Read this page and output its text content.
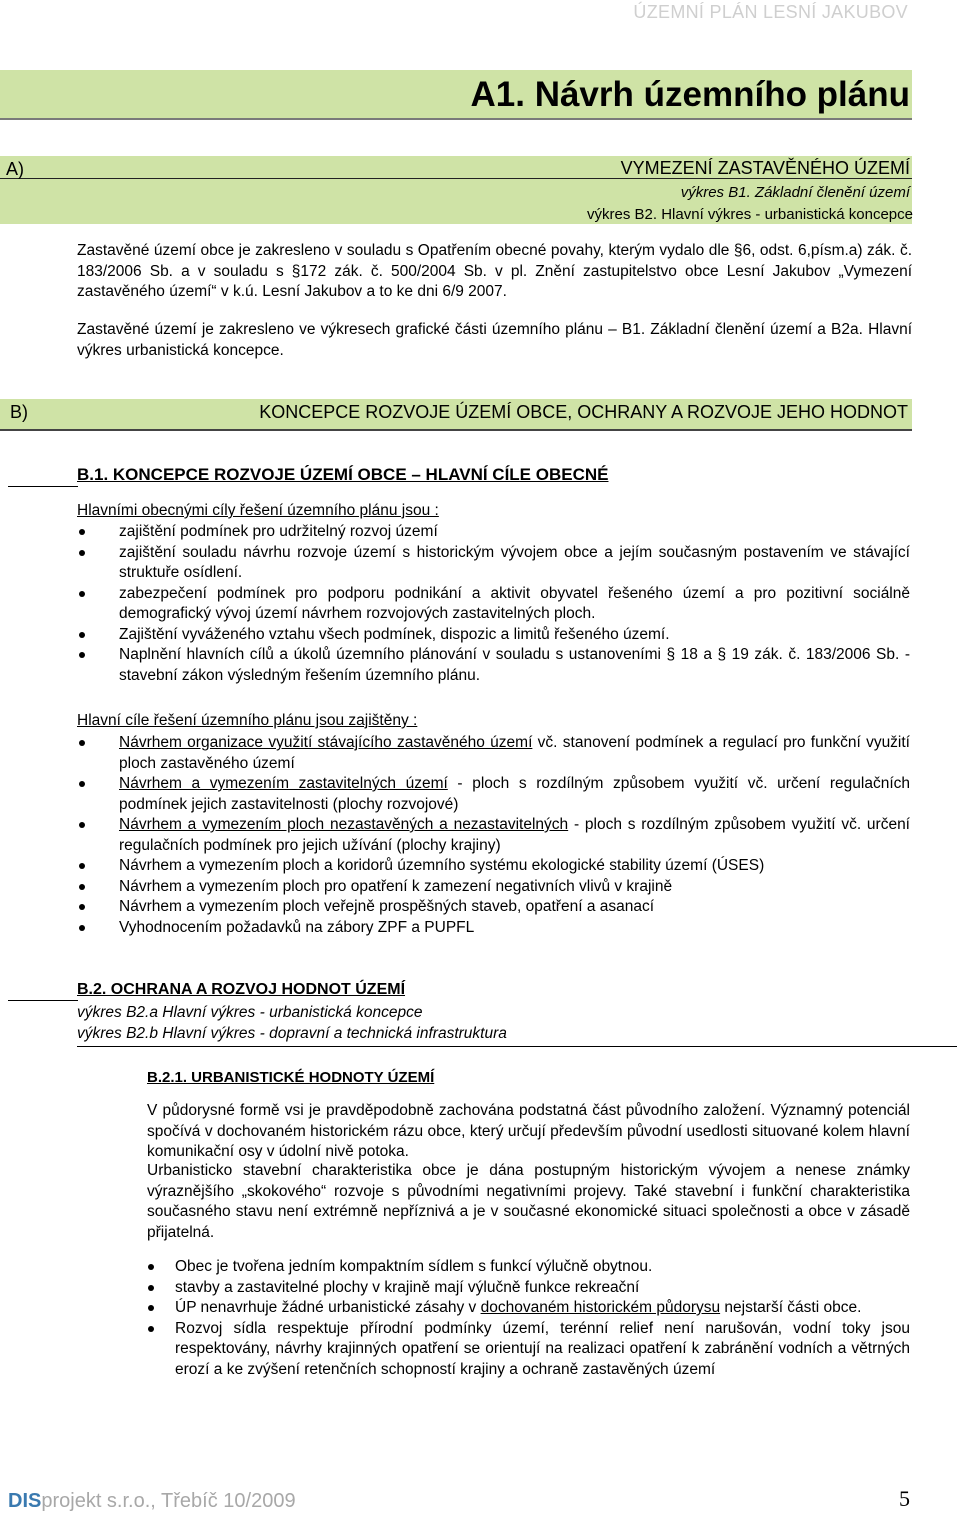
ÚZEMNÍ PLÁN LESNÍ JAKUBOV
A1. Návrh územního plánu
A)	VYMEZENÍ ZASTAVĚNÉHO ÚZEMÍ
výkres B1. Základní členění území
výkres B2. Hlavní výkres - urbanistická koncepce
Zastavěné území obce je zakresleno v souladu s Opatřením obecné povahy, kterým vydalo dle §6, odst. 6,písm.a) zák. č. 183/2006 Sb. a v souladu s §172 zák. č. 500/2004 Sb. v pl. Znění zastupitelstvo obce Lesní Jakubov „Vymezení zastavěného území“ v k.ú. Lesní Jakubov a to ke dni 6/9 2007.
Zastavěné území je zakresleno ve výkresech grafické části územního plánu – B1. Základní členění území a B2a. Hlavní výkres urbanistická koncepce.
B)	KONCEPCE ROZVOJE ÚZEMÍ OBCE, OCHRANY A ROZVOJE JEHO HODNOT
B.1. KONCEPCE ROZVOJE ÚZEMÍ OBCE – HLAVNÍ CÍLE OBECNÉ
Hlavními obecnými cíly řešení územního plánu jsou :
zajištění podmínek pro udržitelný rozvoj území
zajištění souladu návrhu rozvoje území s historickým vývojem obce a jejím současným postavením ve stávající struktuře osídlení.
zabezpečení podmínek pro podporu podnikání a aktivit obyvatel řešeného území a pro pozitivní sociálně demografický vývoj území návrhem rozvojových zastavitelných ploch.
Zajištění vyváženého vztahu všech podmínek, dispozic a limitů řešeného území.
Naplnění hlavních cílů a úkolů územního plánování v souladu s ustanoveními § 18 a § 19 zák. č. 183/2006 Sb. - stavební zákon výsledným řešením územního plánu.
Hlavní cíle řešení územního plánu jsou zajištěny :
Návrhem organizace využití stávajícího zastavěného území vč. stanovení podmínek a regulací pro funkční využití ploch zastavěného území
Návrhem a vymezením zastavitelných území - ploch s rozdílným způsobem využití vč. určení regulačních podmínek jejich zastavitelnosti (plochy rozvojové)
Návrhem a vymezením ploch nezastavěných a nezastavitelných - ploch s rozdílným způsobem využití vč. určení regulačních podmínek pro jejich užívání (plochy krajiny)
Návrhem a vymezením ploch a koridorů územního systému ekologické stability území (ÚSES)
Návrhem a vymezením ploch pro opatření k zamezení negativních vlivů v krajině
Návrhem a vymezením ploch veřejně prospěšných staveb, opatření a asanací
Vyhodnocením požadavků na zábory ZPF a PUPFL
B.2. OCHRANA A ROZVOJ HODNOT ÚZEMÍ
výkres B2.a Hlavní výkres - urbanistická koncepce
výkres B2.b Hlavní výkres - dopravní a technická infrastruktura
B.2.1. URBANISTICKÉ HODNOTY ÚZEMÍ
V půdorysné formě vsi je pravděpodobně zachována podstatná část původního založení. Významný potenciál spočívá v dochovaném historickém rázu obce, který určují především původní usedlosti situované kolem hlavní komunikační osy v údolní nivě potoka.
Urbanisticko stavební charakteristika obce je dána postupným historickým vývojem a nenese známky výraznějšího „skokového“ rozvoje s původními negativními projevy. Také stavební i funkční charakteristika současného stavu není extrémně nepříznivá a je v současné ekonomické situaci společnosti a obce v zásadě přijatelná.
Obec je tvořena jedním kompaktním sídlem s funkcí výlučně obytnou.
stavby a zastavitelné plochy v krajině mají výlučně funkce rekreační
ÚP nenavrhuje žádné urbanistické zásahy v dochovaném historickém půdorysu nejstarší části obce.
Rozvoj sídla respektuje přírodní podmínky území, terénní relief není narušován, vodní toky jsou respektovány, návrhy krajinných opatření se orientují na realizaci opatření k zabránění vodních a větrných erozí a ke zvýšení retenčních schopností krajiny a ochraně zastavěných území
DISprojekt s.r.o., Třebíč 10/2009	5
